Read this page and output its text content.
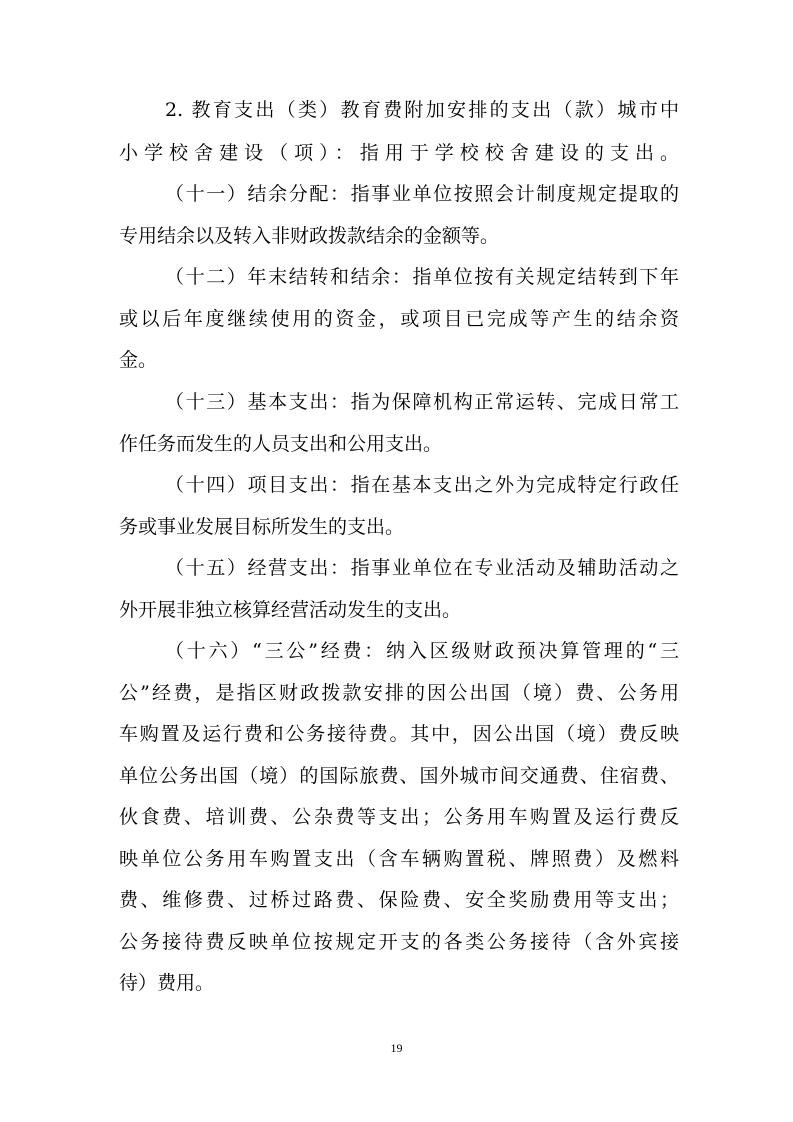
2. 教育支出（类）教育费附加安排的支出（款）城市中
小学校舍建设（项）：指用于学校校舍建设的支出。
（十一）结余分配：指事业单位按照会计制度规定提取的
专用结余以及转入非财政拨款结余的金额等。
（十二）年末结转和结余：指单位按有关规定结转到下年
或以后年度继续使用的资金，或项目已完成等产生的结余资
金。
（十三）基本支出：指为保障机构正常运转、完成日常工
作任务而发生的人员支出和公用支出。
（十四）项目支出：指在基本支出之外为完成特定行政任
务或事业发展目标所发生的支出。
（十五）经营支出：指事业单位在专业活动及辅助活动之
外开展非独立核算经营活动发生的支出。
（十六）“三公”经费：纳入区级财政预决算管理的“三
公”经费，是指区财政拨款安排的因公出国（境）费、公务用
车购置及运行费和公务接待费。其中，因公出国（境）费反映
单位公务出国（境）的国际旅费、国外城市间交通费、住宿费、
伙食费、培训费、公杂费等支出；公务用车购置及运行费反
映单位公务用车购置支出（含车辆购置税、牌照费）及燃料
费、维修费、过桥过路费、保险费、安全奖励费用等支出；
公务接待费反映单位按规定开支的各类公务接待（含外宾接
待）费用。
19
